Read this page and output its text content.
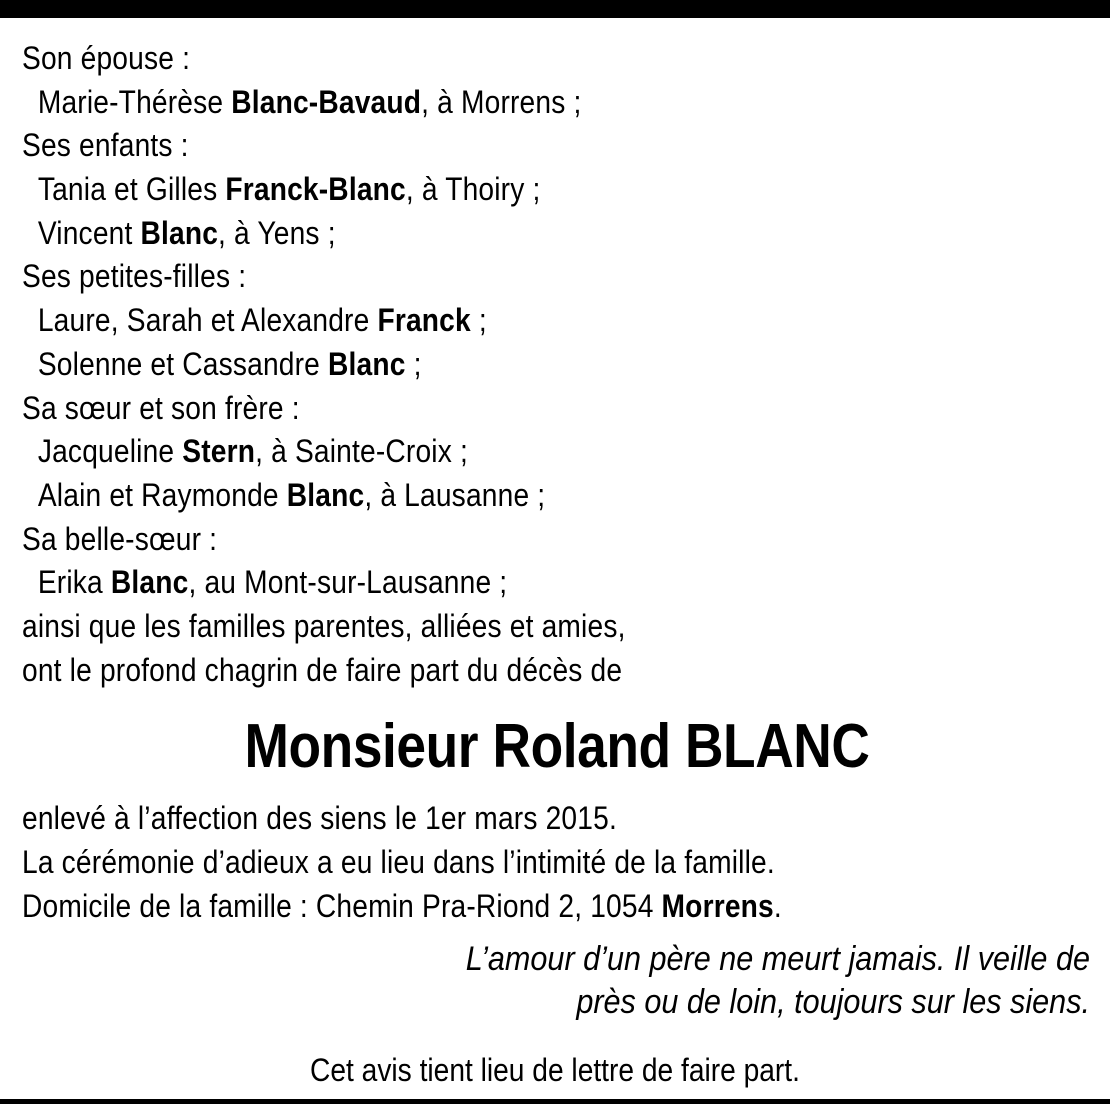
Son épouse :
Marie-Thérèse Blanc-Bavaud, à Morrens ;
Ses enfants :
Tania et Gilles Franck-Blanc, à Thoiry ;
Vincent Blanc, à Yens ;
Ses petites-filles :
Laure, Sarah et Alexandre Franck ;
Solenne et Cassandre Blanc ;
Sa sœur et son frère :
Jacqueline Stern, à Sainte-Croix ;
Alain et Raymonde Blanc, à Lausanne ;
Sa belle-sœur :
Erika Blanc, au Mont-sur-Lausanne ;
ainsi que les familles parentes, alliées et amies,
ont le profond chagrin de faire part du décès de
Monsieur Roland BLANC
enlevé à l’affection des siens le 1er mars 2015.
La cérémonie d’adieux a eu lieu dans l’intimité de la famille.
Domicile de la famille : Chemin Pra-Riond 2, 1054 Morrens.
L’amour d’un père ne meurt jamais. Il veille de
près ou de loin, toujours sur les siens.
Cet avis tient lieu de lettre de faire part.
